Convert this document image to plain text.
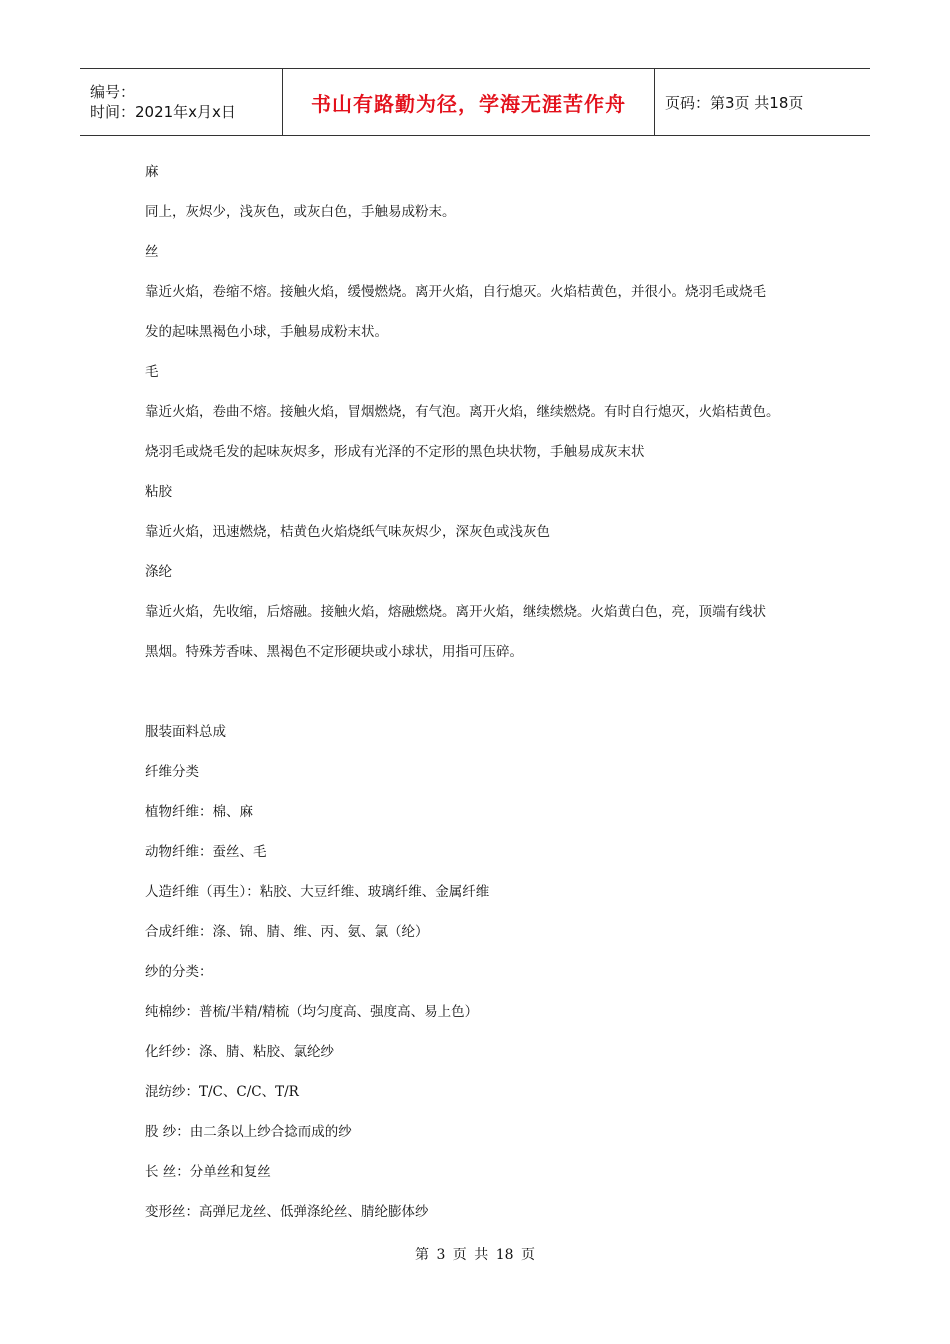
编号：
时间：2021年x月x日	书山有路勤为径，学海无涯苦作舟	页码：第3页 共18页
麻
同上，灰烬少，浅灰色，或灰白色，手触易成粉末。
丝
靠近火焰，卷缩不熔。接触火焰，缓慢燃烧。离开火焰，自行熄灭。火焰桔黄色，并很小。烧羽毛或烧毛
发的起味黑褐色小球，手触易成粉末状。
毛
靠近火焰，卷曲不熔。接触火焰，冒烟燃烧，有气泡。离开火焰，继续燃烧。有时自行熄灭，火焰桔黄色。
烧羽毛或烧毛发的起味灰烬多，形成有光泽的不定形的黑色块状物，手触易成灰末状
粘胶
靠近火焰，迅速燃烧，桔黄色火焰烧纸气味灰烬少，深灰色或浅灰色
涤纶
靠近火焰，先收缩，后熔融。接触火焰，熔融燃烧。离开火焰，继续燃烧。火焰黄白色，亮，顶端有线状
黑烟。特殊芳香味、黑褐色不定形硬块或小球状，用指可压碎。
服装面料总成
纤维分类
植物纤维：棉、麻
动物纤维：蚕丝、毛
人造纤维（再生）：粘胶、大豆纤维、玻璃纤维、金属纤维
合成纤维：涤、锦、腈、维、丙、氨、氯（纶）
纱的分类：
纯棉纱：普梳/半精/精梳（均匀度高、强度高、易上色）
化纤纱：涤、腈、粘胶、氯纶纱
混纺纱：T/C、C/C、T/R
股 纱：由二条以上纱合捻而成的纱
长 丝：分单丝和复丝
变形丝：高弹尼龙丝、低弹涤纶丝、腈纶膨体纱
第 3 页 共 18 页
